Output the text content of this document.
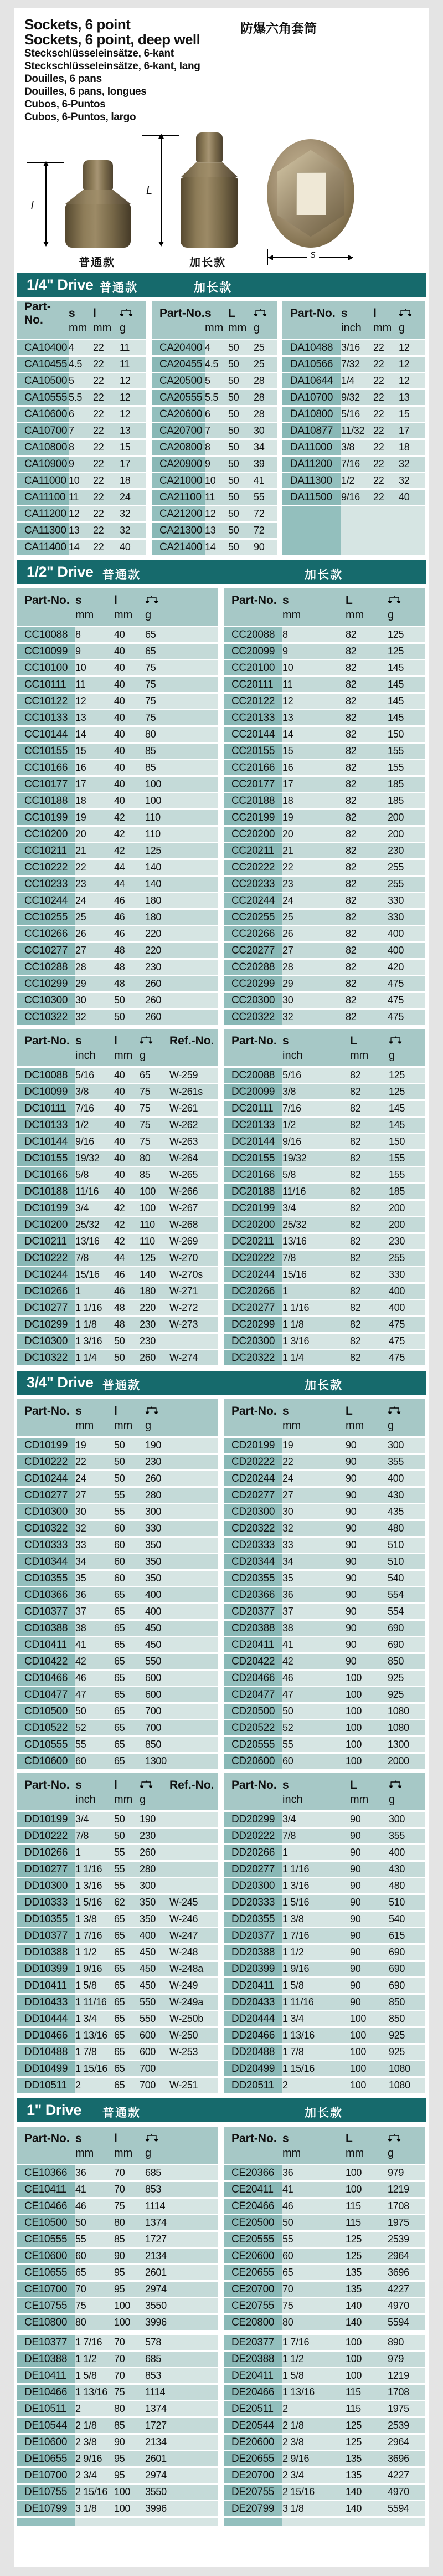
Sockets, 6 point
Sockets, 6 point, deep well
Steckschlüsseleinsätze, 6-kant
Steckschlüsseleinsätze, 6-kant, lang
Douilles, 6 pans
Douilles, 6 pans, longues
Cubos, 6-Puntos
Cubos, 6-Puntos, largo
防爆六角套筒
l
L
s
普通款	加长款
1/4" Drive 普通款	加长款
Part-No.
s
mm
l
mm g
CA10400 4	22	11
CA10455 4.5	22	11
CA10500 5	22	12
CA10555 5.5	22	12
CA10600 6	22	12
CA10700 7	22	13
CA10800 8	22	15
CA10900 9	22	17
CA11000 10	22	18
CA11100 11	22	24
CA11200 12	22	32
CA11300 13	22	32
CA11400 14	22	40
Part-No. s
mm
L
mm g
CA20400 4	50	25
CA20455 4.5 50	25
CA20500 5	50	28
CA20555 5.5 50	28
CA20600 6	50	28
CA20700 7	50	30
CA20800 8	50	34
CA20900 9	50	39
CA21000 10	50	41
CA21100 11	50	55
CA21200 12	50	72
CA21300 13	50	72
CA21400 14	50	90
Part-No. s
inch
l
mm g
DA10488 3/16	22	12
DA10566 7/32	22	12
DA10644 1/4	22	12
DA10700 9/32	22	13
DA10800 5/16	22	15
DA10877 11/32 22	17
DA11000 3/8	22	18
DA11200 7/16	22	32
DA11300 1/2	22	32
DA11500 9/16	22	40
1/2" Drive 普通款	加长款
Part-No. s
mm
l
mm	g
CC10088 8	40	65
CC10099 9	40	65
CC10100 10	40	75
CC10111 11	40	75
CC10122 12	40	75
CC10133 13	40	75
CC10144 14	40	80
CC10155 15	40	85
CC10166 16	40	85
CC10177 17	40	100
CC10188 18	40	100
CC10199 19	42	110
CC10200 20	42	110
CC10211 21	42	125
CC10222 22	44	140
CC10233 23	44	140
CC10244 24	46	180
CC10255 25	46	180
CC10266 26	46	220
CC10277 27	48	220
CC10288 28	48	230
CC10299 29	48	260
CC10300 30	50	260
CC10322 32	50	260
Part-No. s
mm
L
mm	g
CC20088 8	82	125
CC20099 9	82	125
CC20100 10	82	145
CC20111 11	82	145
CC20122 12	82	145
CC20133 13	82	145
CC20144 14	82	150
CC20155 15	82	155
CC20166 16	82	155
CC20177 17	82	185
CC20188 18	82	185
CC20199 19	82	200
CC20200 20	82	200
CC20211 21	82	230
CC20222 22	82	255
CC20233 23	82	255
CC20244 24	82	330
CC20255 25	82	330
CC20266 26	82	400
CC20277 27	82	400
CC20288 28	82	420
CC20299 29	82	475
CC20300 30	82	475
CC20322 32	82	475
Part-No. s
inch
l
mm g
Ref.-No.
DC10088 5/16	40	65	W-259
DC10099 3/8	40	75	W-261s
DC10111 7/16	40	75	W-261
DC10133 1/2	40	75	W-262
DC10144 9/16	40	75	W-263
DC10155 19/32	40	80	W-264
DC10166 5/8	40	85	W-265
DC10188 11/16	40	100	W-266
DC10199 3/4	42	100	W-267
DC10200 25/32	42	110	W-268
DC10211 13/16	42	110	W-269
DC10222 7/8	44	125	W-270
DC10244 15/16	46	140	W-270s
DC10266 1	46	180	W-271
DC10277 1 1/16	48	220	W-272
DC10299 1 1/8	48	230	W-273
DC10300 1 3/16	50	230
DC10322 1 1/4	50	260	W-274
Part-No. s
inch
L
mm	g
DC20088 5/16	82	125
DC20099 3/8	82	125
DC20111 7/16	82	145
DC20133 1/2	82	145
DC20144 9/16	82	150
DC20155 19/32	82	155
DC20166 5/8	82	155
DC20188 11/16	82	185
DC20199 3/4	82	200
DC20200 25/32	82	200
DC20211 13/16	82	230
DC20222 7/8	82	255
DC20244 15/16	82	330
DC20266 1	82	400
DC20277 1 1/16	82	400
DC20299 1 1/8	82	475
DC20300 1 3/16	82	475
DC20322 1 1/4	82	475
3/4" Drive 普通款	加长款
Part-No. s
mm
l
mm	g
CD10199 19	50	190
CD10222 22	50	230
CD10244 24	50	260
CD10277 27	55	280
CD10300 30	55	300
CD10322 32	60	330
CD10333 33	60	350
CD10344 34	60	350
CD10355 35	60	350
CD10366 36	65	400
CD10377 37	65	400
CD10388 38	65	450
CD10411 41	65	450
CD10422 42	65	550
CD10466 46	65	600
CD10477 47	65	600
CD10500 50	65	700
CD10522 52	65	700
CD10555 55	65	850
CD10600 60	65	1300
Part-No. s
mm
L
mm	g
CD20199 19	90	300
CD20222 22	90	355
CD20244 24	90	400
CD20277 27	90	430
CD20300 30	90	435
CD20322 32	90	480
CD20333 33	90	510
CD20344 34	90	510
CD20355 35	90	540
CD20366 36	90	554
CD20377 37	90	554
CD20388 38	90	690
CD20411 41	90	690
CD20422 42	90	850
CD20466 46	100	925
CD20477 47	100	925
CD20500 50	100	1080
CD20522 52	100	1080
CD20555 55	100	1300
CD20600 60	100	2000
Part-No. s
inch
l
mm g
Ref.-No.
DD10199 3/4	50	190
DD10222 7/8	50	230
DD10266 1	55	260
DD10277 1 1/16	55	280
DD10300 1 3/16	55	300
DD10333 1 5/16	62	350	W-245
DD10355 1 3/8	65	350	W-246
DD10377 1 7/16	65	400	W-247
DD10388 1 1/2	65	450	W-248
DD10399 1 9/16	65	450	W-248a
DD10411 1 5/8	65	450	W-249
DD10433 1 11/16 65	550	W-249a
DD10444 1 3/4	65	550	W-250b
DD10466 1 13/16 65	600	W-250
DD10488 1 7/8	65	600	W-253
DD10499 1 15/16 65	700
DD10511 2	65	700	W-251
Part-No. s
inch
L
mm	g
DD20299 3/4	90	300
DD20222 7/8	90	355
DD20266 1	90	400
DD20277 1 1/16	90	430
DD20300 1 3/16	90	480
DD20333 1 5/16	90	510
DD20355 1 3/8	90	540
DD20377 1 7/16	90	615
DD20388 1 1/2	90	690
DD20399 1 9/16	90	690
DD20411 1 5/8	90	690
DD20433 1 11/16	90	850
DD20444 1 3/4	100	850
DD20466 1 13/16	100	925
DD20488 1 7/8	100	925
DD20499 1 15/16	100	1080
DD20511 2	100	1080
1" Drive 普通款	加长款
Part-No. s
mm
l
mm	g
CE10366 36	70	685
CE10411 41	70	853
CE10466 46	75	1114
CE10500 50	80	1374
CE10555 55	85	1727
CE10600 60	90	2134
CE10655 65	95	2601
CE10700 70	95	2974
CE10755 75	100	3550
CE10800 80	100	3996
Part-No. s
mm
L
mm	g
CE20366 36	100	979
CE20411 41	100	1219
CE20466 46	115	1708
CE20500 50	115	1975
CE20555 55	125	2539
CE20600 60	125	2964
CE20655 65	135	3696
CE20700 70	135	4227
CE20755 75	140	4970
CE20800 80	140	5594
DE10377 1 7/16	70	578
DE10388 1 1/2	70	685
DE10411 1 5/8	70	853
DE10466 1 13/16 75	1114
DE10511 2	80	1374
DE10544 2 1/8	85	1727
DE10600 2 3/8	90	2134
DE10655 2 9/16	95	2601
DE10700 2 3/4	95	2974
DE10755 2 15/16 100	3550
DE10799 3 1/8	100	3996
DE20377 1 7/16	100	890
DE20388 1 1/2	100	979
DE20411 1 5/8	100	1219
DE20466 1 13/16	115	1708
DE20511 2	115	1975
DE20544 2 1/8	125	2539
DE20600 2 3/8	125	2964
DE20655 2 9/16	135	3696
DE20700 2 3/4	135	4227
DE20755 2 15/16	140	4970
DE20799 3 1/8	140	5594
